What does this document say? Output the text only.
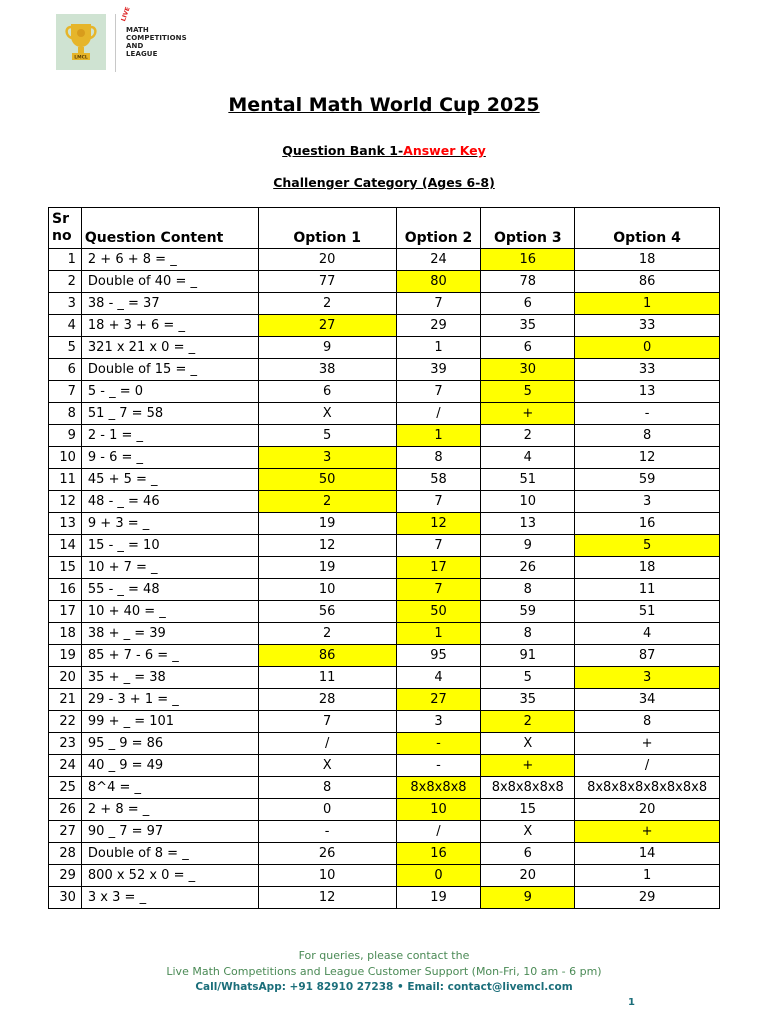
LMCL
LIVE
MATH
COMPETITIONS
AND
LEAGUE
Mental Math World Cup 2025
Question Bank 1-Answer Key
Challenger Category (Ages 6-8)
Sr no	Question Content	Option 1	Option 2	Option 3	Option 4
1	2 + 6 + 8 = _	20	24	16	18
2	Double of 40 = _	77	80	78	86
3	38 - _ = 37	2	7	6	1
4	18 + 3 + 6 = _	27	29	35	33
5	321 x 21 x 0 = _	9	1	6	0
6	Double of 15 = _	38	39	30	33
7	5 - _ = 0	6	7	5	13
8	51 _ 7 = 58	X	/	+	-
9	2 - 1 = _	5	1	2	8
10	9 - 6 = _	3	8	4	12
11	45 + 5 = _	50	58	51	59
12	48 - _ = 46	2	7	10	3
13	9 + 3 = _	19	12	13	16
14	15 - _ = 10	12	7	9	5
15	10 + 7 = _	19	17	26	18
16	55 - _ = 48	10	7	8	11
17	10 + 40 = _	56	50	59	51
18	38 + _ = 39	2	1	8	4
19	85 + 7 - 6 = _	86	95	91	87
20	35 + _ = 38	11	4	5	3
21	29 - 3 + 1 = _	28	27	35	34
22	99 + _ = 101	7	3	2	8
23	95 _ 9 = 86	/	-	X	+
24	40 _ 9 = 49	X	-	+	/
25	8^4 = _	8	8x8x8x8	8x8x8x8x8	8x8x8x8x8x8x8x8
26	2 + 8 = _	0	10	15	20
27	90 _ 7 = 97	-	/	X	+
28	Double of 8 = _	26	16	6	14
29	800 x 52 x 0 = _	10	0	20	1
30	3 x 3 = _	12	19	9	29
For queries, please contact the
Live Math Competitions and League Customer Support (Mon-Fri, 10 am - 6 pm)
Call/WhatsApp: +91 82910 27238 • Email: contact@livemcl.com
1
